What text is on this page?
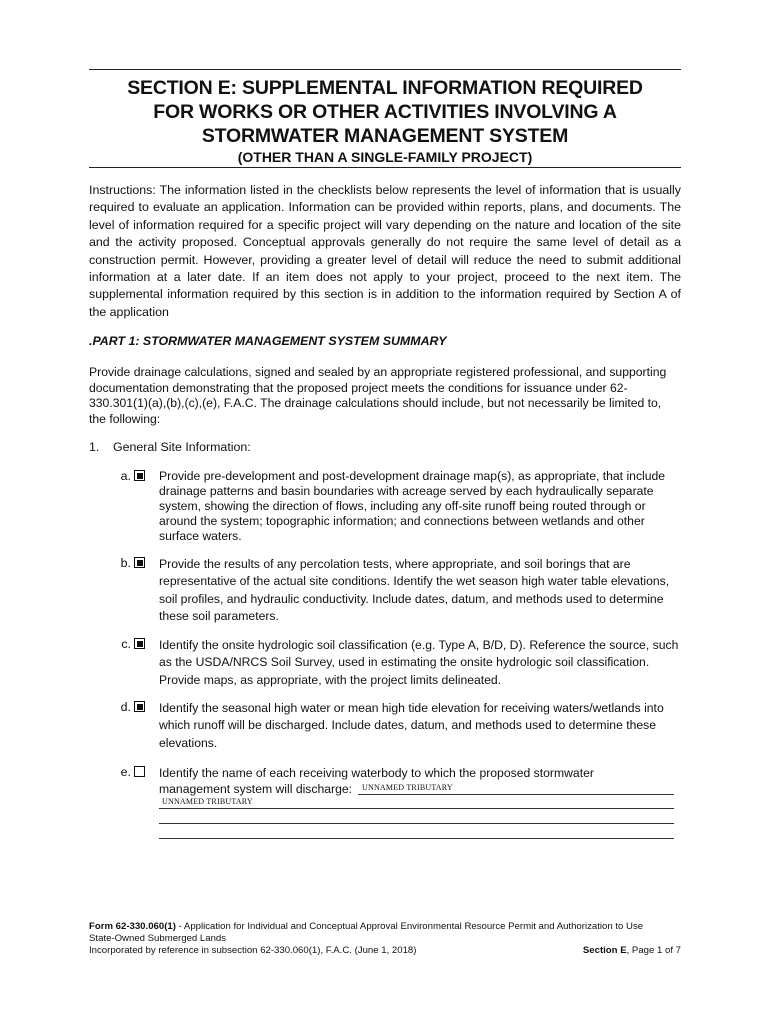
SECTION E: SUPPLEMENTAL INFORMATION REQUIRED
FOR WORKS OR OTHER ACTIVITIES INVOLVING A
STORMWATER MANAGEMENT SYSTEM
(OTHER THAN A SINGLE-FAMILY PROJECT)
Instructions: The information listed in the checklists below represents the level of information that is usually required to evaluate an application. Information can be provided within reports, plans, and documents. The level of information required for a specific project will vary depending on the nature and location of the site and the activity proposed. Conceptual approvals generally do not require the same level of detail as a construction permit. However, providing a greater level of detail will reduce the need to submit additional information at a later date. If an item does not apply to your project, proceed to the next item. The supplemental information required by this section is in addition to the information required by Section A of the application
.PART 1: STORMWATER MANAGEMENT SYSTEM SUMMARY
Provide drainage calculations, signed and sealed by an appropriate registered professional, and supporting documentation demonstrating that the proposed project meets the conditions for issuance under 62-330.301(1)(a),(b),(c),(e), F.A.C. The drainage calculations should include, but not necessarily be limited to, the following:
1. General Site Information:
a. Provide pre-development and post-development drainage map(s), as appropriate, that include drainage patterns and basin boundaries with acreage served by each hydraulically separate system, showing the direction of flows, including any off-site runoff being routed through or around the system; topographic information; and connections between wetlands and other surface waters.
b. Provide the results of any percolation tests, where appropriate, and soil borings that are representative of the actual site conditions. Identify the wet season high water table elevations, soil profiles, and hydraulic conductivity. Include dates, datum, and methods used to determine these soil parameters.
c. Identify the onsite hydrologic soil classification (e.g. Type A, B/D, D). Reference the source, such as the USDA/NRCS Soil Survey, used in estimating the onsite hydrologic soil classification. Provide maps, as appropriate, with the project limits delineated.
d. Identify the seasonal high water or mean high tide elevation for receiving waters/wetlands into which runoff will be discharged. Include dates, datum, and methods used to determine these elevations.
e. Identify the name of each receiving waterbody to which the proposed stormwater
management system will discharge:	UNNAMED TRIBUTARY
UNNAMED TRIBUTARY
Form 62-330.060(1) - Application for Individual and Conceptual Approval Environmental Resource Permit and Authorization to Use
State-Owned Submerged Lands
Incorporated by reference in subsection 62-330.060(1), F.A.C. (June 1, 2018)	Section E, Page 1 of 7
